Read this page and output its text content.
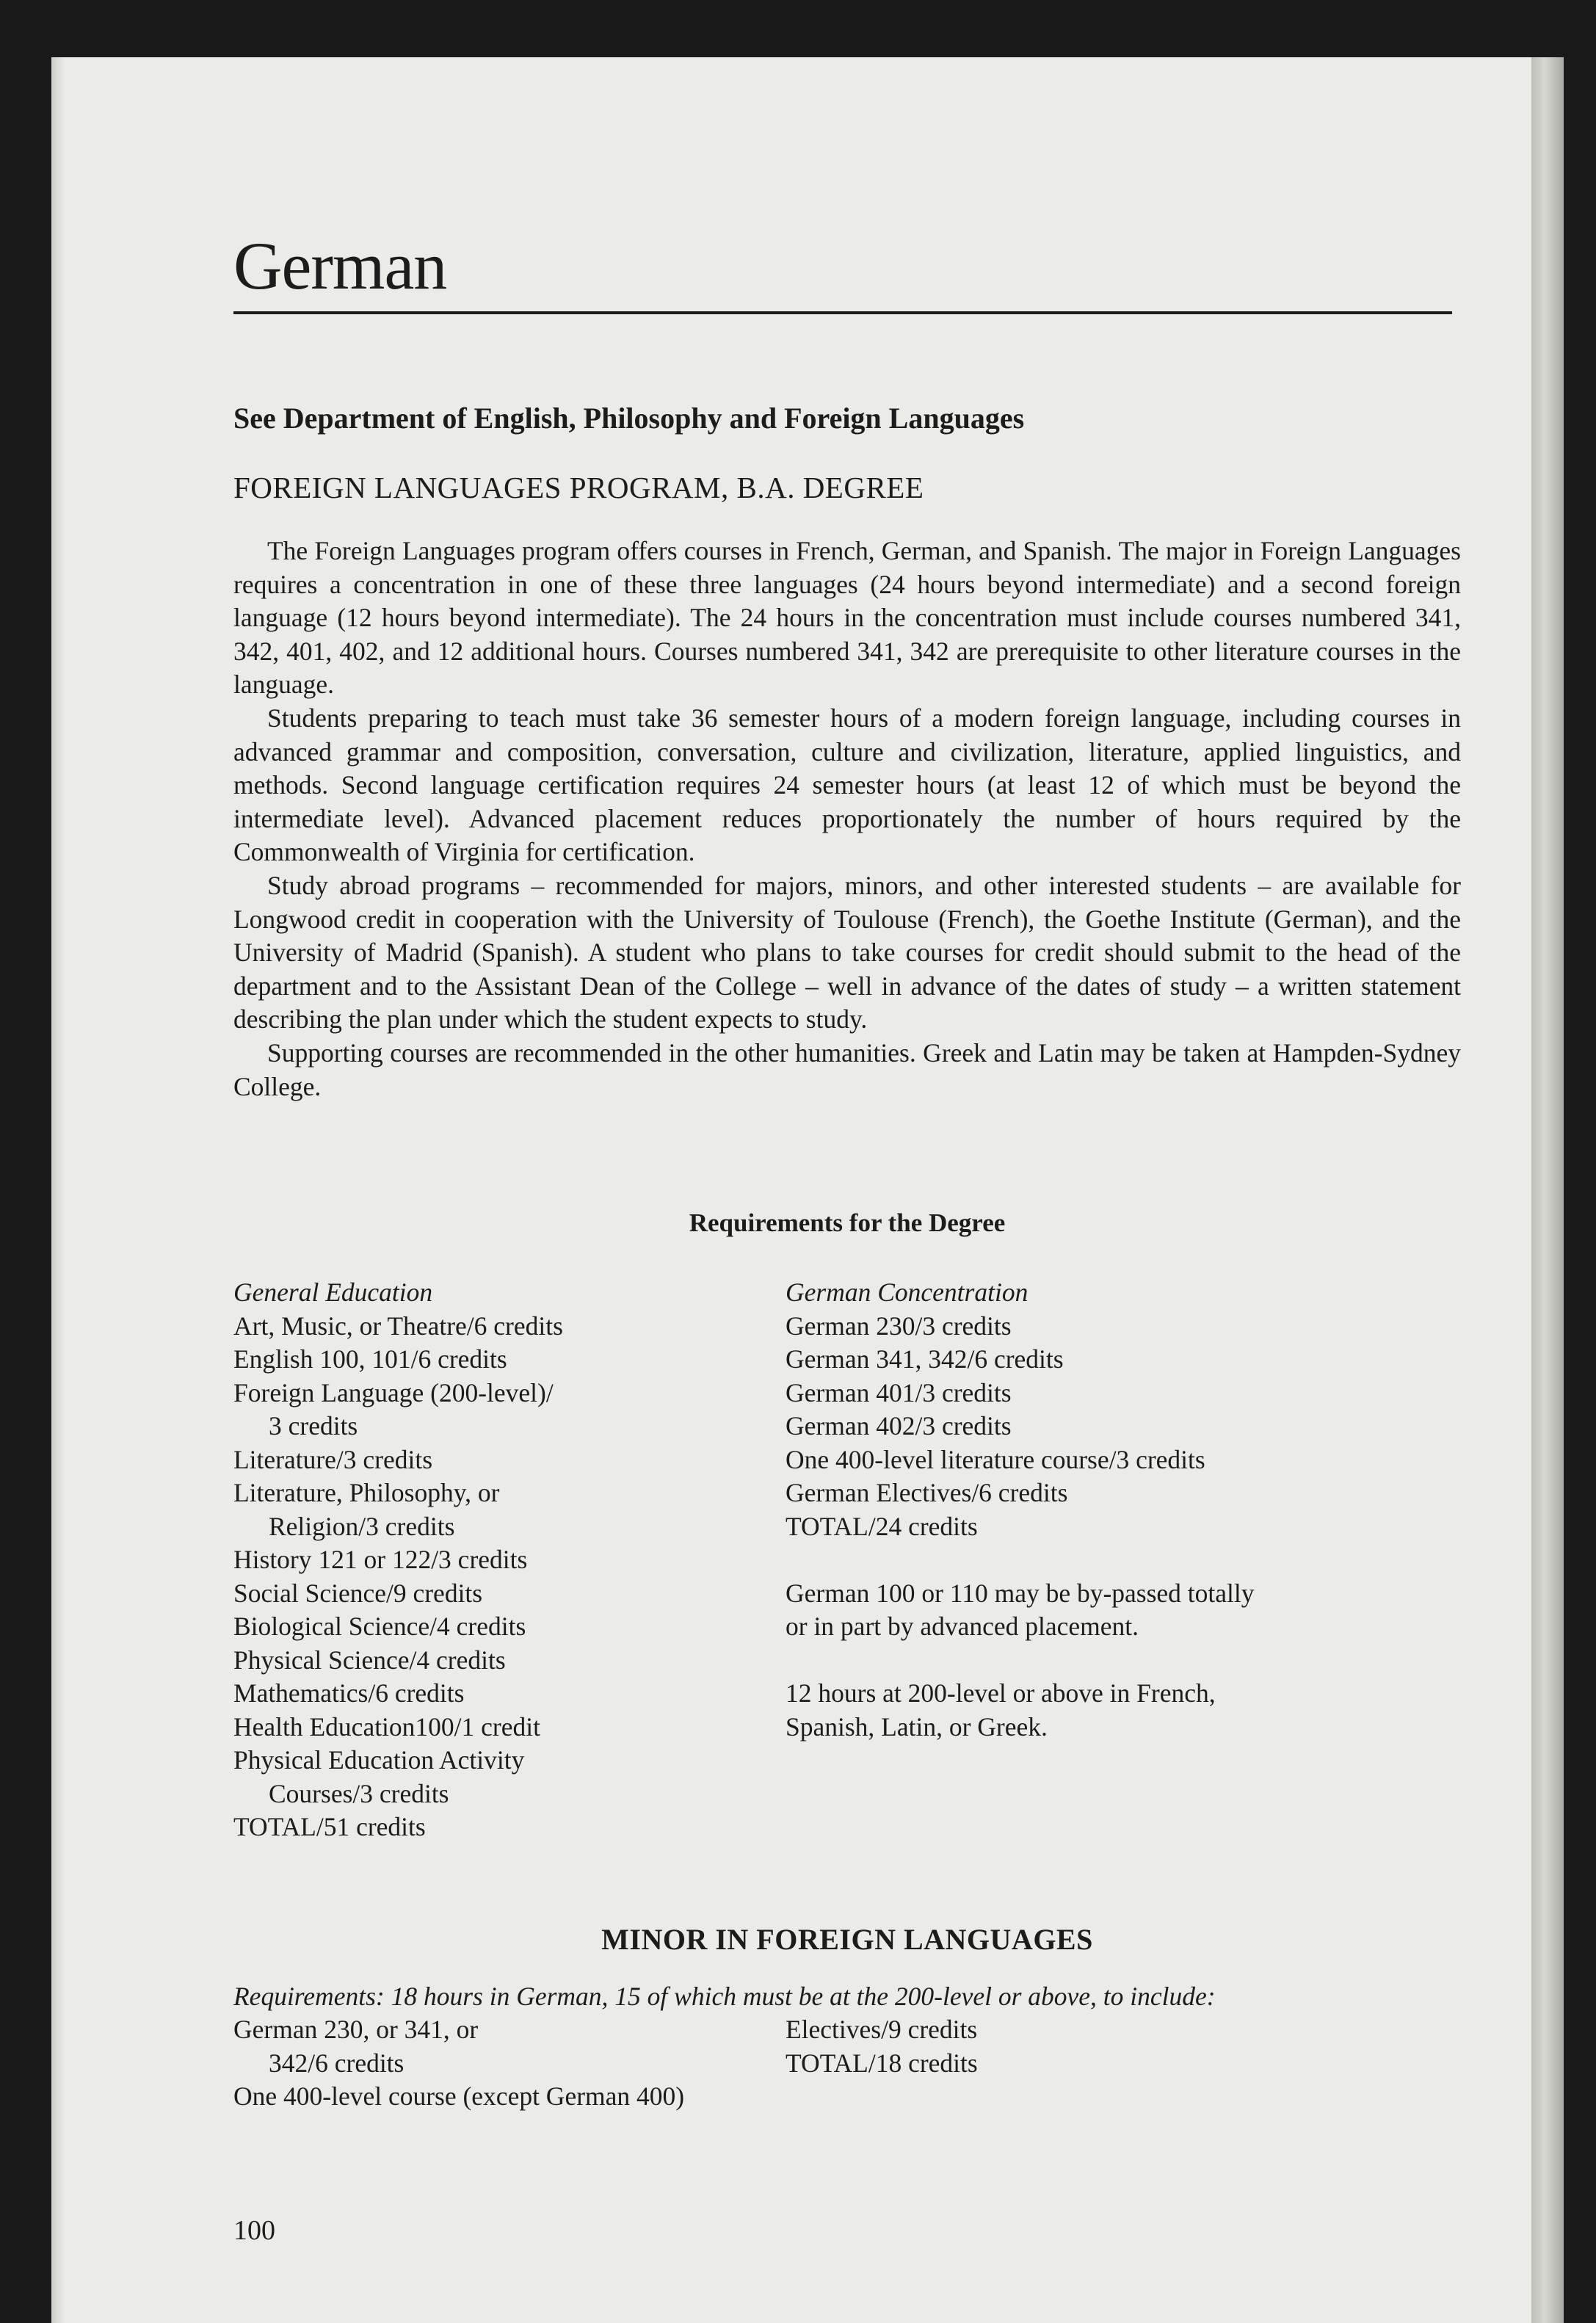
German
See Department of English, Philosophy and Foreign Languages
FOREIGN LANGUAGES PROGRAM, B.A. DEGREE

The Foreign Languages program offers courses in French, German, and Spanish. The major in Foreign Languages requires a concentration in one of these three languages (24 hours beyond intermediate) and a second foreign language (12 hours beyond intermediate). The 24 hours in the concentration must include courses numbered 341, 342, 401, 402, and 12 additional hours. Courses numbered 341, 342 are prerequisite to other literature courses in the language.

Students preparing to teach must take 36 semester hours of a modern foreign language, including courses in advanced grammar and composition, conversation, culture and civilization, literature, applied linguistics, and methods. Second language certification requires 24 semester hours (at least 12 of which must be beyond the intermediate level). Advanced placement reduces proportionately the number of hours required by the Commonwealth of Virginia for certification.

Study abroad programs – recommended for majors, minors, and other interested students – are available for Longwood credit in cooperation with the University of Toulouse (French), the Goethe Institute (German), and the University of Madrid (Spanish). A student who plans to take courses for credit should submit to the head of the department and to the Assistant Dean of the College – well in advance of the dates of study – a written statement describing the plan under which the student expects to study.

Supporting courses are recommended in the other humanities. Greek and Latin may be taken at Hampden-Sydney College.

Requirements for the Degree
General Education
Art, Music, or Theatre/6 credits
English 100, 101/6 credits
Foreign Language (200-level)/
3 credits
Literature/3 credits
Literature, Philosophy, or
Religion/3 credits
History 121 or 122/3 credits
Social Science/9 credits
Biological Science/4 credits
Physical Science/4 credits
Mathematics/6 credits
Health Education100/1 credit
Physical Education Activity
Courses/3 credits
TOTAL/51 credits
German Concentration
German 230/3 credits
German 341, 342/6 credits
German 401/3 credits
German 402/3 credits
One 400-level literature course/3 credits
German Electives/6 credits
TOTAL/24 credits
German 100 or 110 may be by-passed totally
or in part by advanced placement.
12 hours at 200-level or above in French,
Spanish, Latin, or Greek.
MINOR IN FOREIGN LANGUAGES
Requirements: 18 hours in German, 15 of which must be at the 200-level or above, to include:
German 230, or 341, or
342/6 credits
One 400-level course (except German 400)
Electives/9 credits
TOTAL/18 credits
100
